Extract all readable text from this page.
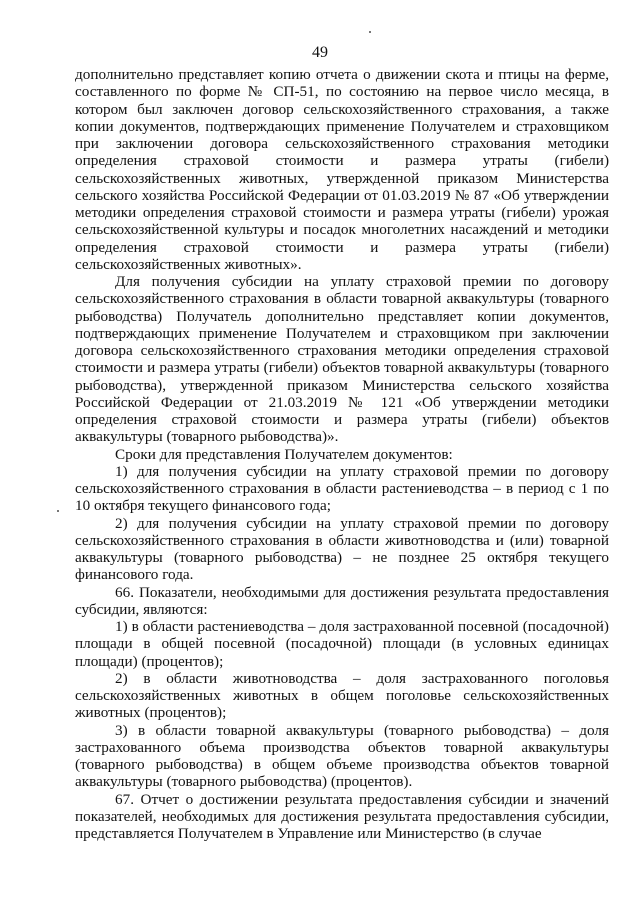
49

дополнительно представляет копию отчета о движении скота и птицы на ферме, составленного по форме № СП-51, по состоянию на первое число месяца, в котором был заключен договор сельскохозяйственного страхования, а также копии документов, подтверждающих применение Получателем и страховщиком при заключении договора сельскохозяйственного страхования методики определения страховой стоимости и размера утраты (гибели) сельскохозяйственных животных, утвержденной приказом Министерства сельского хозяйства Российской Федерации от 01.03.2019 № 87 «Об утверждении методики определения страховой стоимости и размера утраты (гибели) урожая сельскохозяйственной культуры и посадок многолетних насаждений и методики определения страховой стоимости и размера утраты (гибели) сельскохозяйственных животных».

Для получения субсидии на уплату страховой премии по договору сельскохозяйственного страхования в области товарной аквакультуры (товарного рыбоводства) Получатель дополнительно представляет копии документов, подтверждающих применение Получателем и страховщиком при заключении договора сельскохозяйственного страхования методики определения страховой стоимости и размера утраты (гибели) объектов товарной аквакультуры (товарного рыбоводства), утвержденной приказом Министерства сельского хозяйства Российской Федерации от 21.03.2019 № 121 «Об утверждении методики определения страховой стоимости и размера утраты (гибели) объектов аквакультуры (товарного рыбоводства)».

Сроки для представления Получателем документов:

1) для получения субсидии на уплату страховой премии по договору сельскохозяйственного страхования в области растениеводства – в период с 1 по 10 октября текущего финансового года;

2) для получения субсидии на уплату страховой премии по договору сельскохозяйственного страхования в области животноводства и (или) товарной аквакультуры (товарного рыбоводства) – не позднее 25 октября текущего финансового года.

66. Показатели, необходимыми для достижения результата предоставления субсидии, являются:

1) в области растениеводства – доля застрахованной посевной (посадочной) площади в общей посевной (посадочной) площади (в условных единицах площади) (процентов);

2) в области животноводства – доля застрахованного поголовья сельскохозяйственных животных в общем поголовье сельскохозяйственных животных (процентов);

3) в области товарной аквакультуры (товарного рыбоводства) – доля застрахованного объема производства объектов товарной аквакультуры (товарного рыбоводства) в общем объеме производства объектов товарной аквакультуры (товарного рыбоводства) (процентов).

67. Отчет о достижении результата предоставления субсидии и значений показателей, необходимых для достижения результата предоставления субсидии, представляется Получателем в Управление или Министерство (в случае
